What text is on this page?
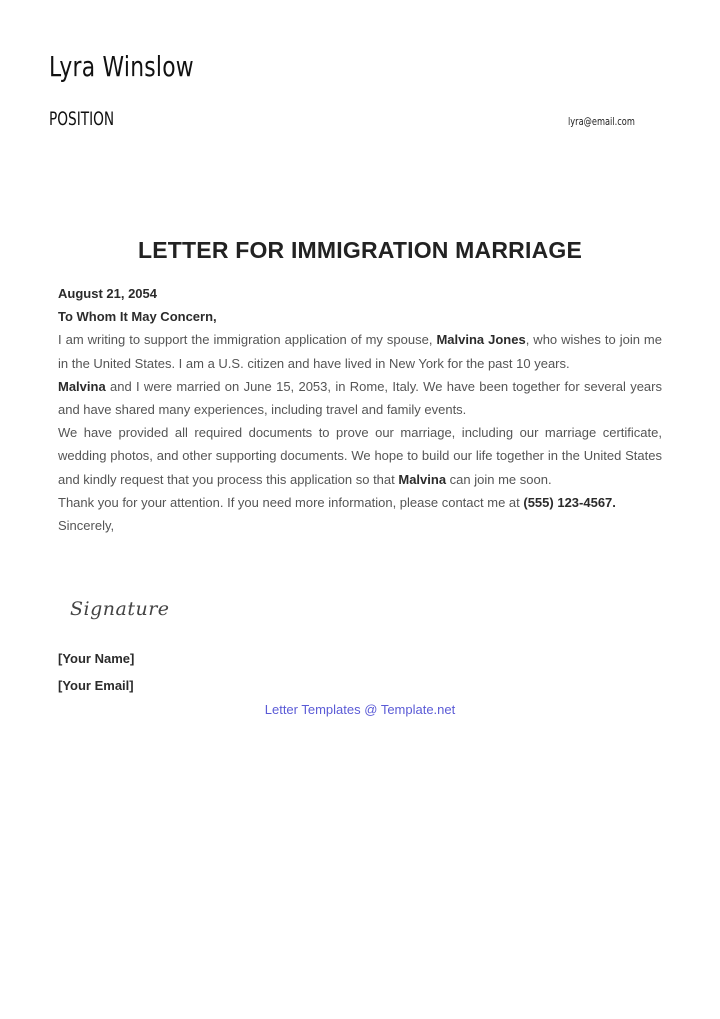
Lyra Winslow
POSITION	lyra@email.com
LETTER FOR IMMIGRATION MARRIAGE

August 21, 2054

To Whom It May Concern,

I am writing to support the immigration application of my spouse, Malvina Jones, who wishes to join me in the United States. I am a U.S. citizen and have lived in New York for the past 10 years.

Malvina and I were married on June 15, 2053, in Rome, Italy. We have been together for several years and have shared many experiences, including travel and family events.

We have provided all required documents to prove our marriage, including our marriage certificate, wedding photos, and other supporting documents. We hope to build our life together in the United States and kindly request that you process this application so that Malvina can join me soon.

Thank you for your attention. If you need more information, please contact me at (555) 123-4567.

Sincerely,

Signature
[Your Name]
[Your Email]
Letter Templates @ Template.net
